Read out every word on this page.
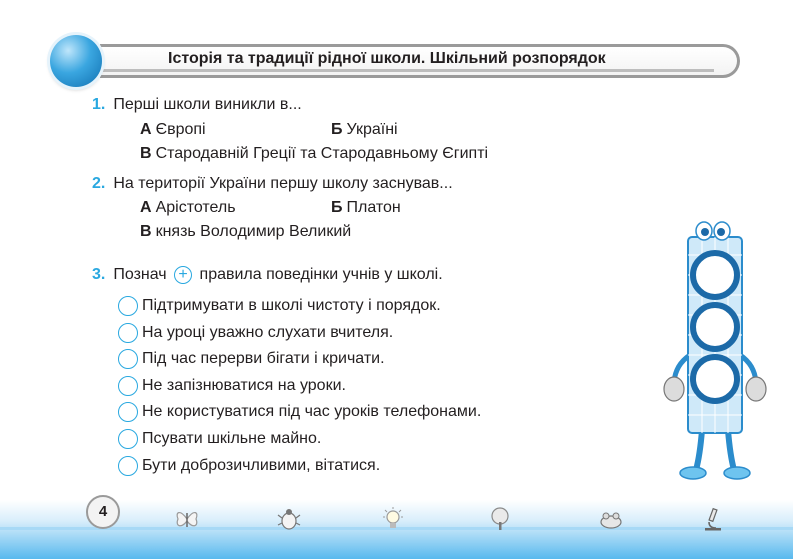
Історія та традиції рідної школи. Шкільний розпорядок
1. Перші школи виникли в...
А Європі	Б Україні
В Стародавній Греції та Стародавньому Єгипті
2. На території України першу школу заснував...
А Арістотель	Б Платон
В князь Володимир Великий
3. Познач + правила поведінки учнів у школі.
Підтримувати в школі чистоту і порядок.
На уроці уважно слухати вчителя.
Під час перерви бігати і кричати.
Не запізнюватися на уроки.
Не користуватися під час уроків телефонами.
Псувати шкільне майно.
Бути доброзичливими, вітатися.
4
